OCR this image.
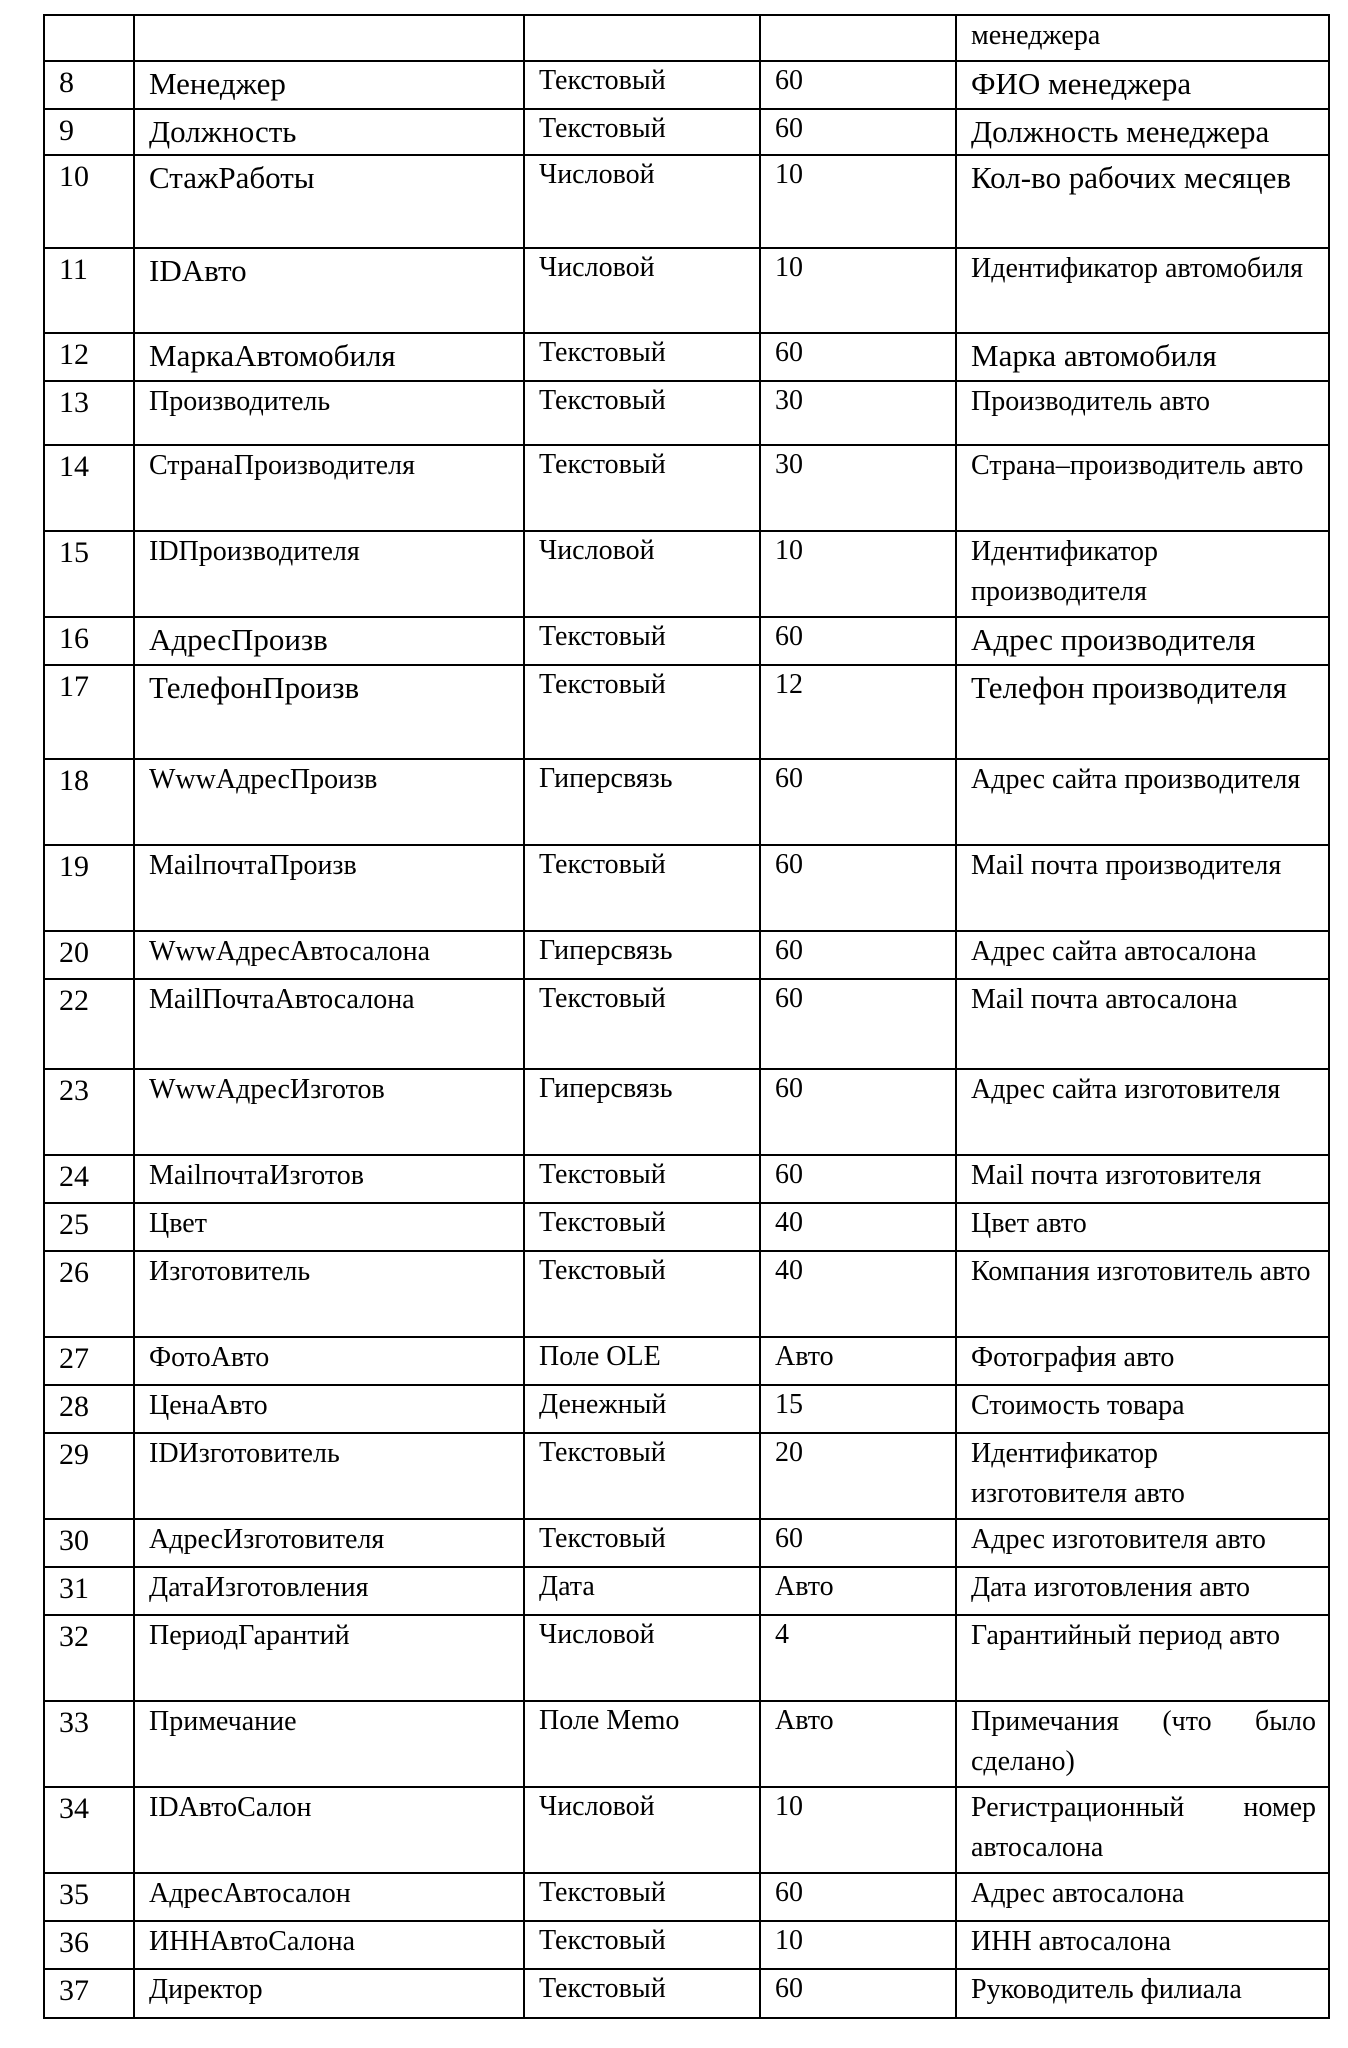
				менеджера
8	Менеджер	Текстовый	60	ФИО менеджера
9	Должность	Текстовый	60	Должность менеджера
10	СтажРаботы	Числовой	10	Кол-во рабочих месяцев
11	IDАвто	Числовой	10	Идентификатор автомобиля
12	МаркаАвтомобиля	Текстовый	60	Марка автомобиля
13	Производитель	Текстовый	30	Производитель авто
14	СтранаПроизводителя	Текстовый	30	Страна–производитель авто
15	IDПроизводителя	Числовой	10	Идентификатор производителя
16	АдресПроизв	Текстовый	60	Адрес производителя
17	ТелефонПроизв	Текстовый	12	Телефон производителя
18	WwwАдресПроизв	Гиперсвязь	60	Адрес сайта производителя
19	MailпочтаПроизв	Текстовый	60	Mail почта производителя
20	WwwАдресАвтосалона	Гиперсвязь	60	Адрес сайта автосалона
22	MailПочтаАвтосалона	Текстовый	60	Mail почта автосалона
23	WwwАдресИзготов	Гиперсвязь	60	Адрес сайта изготовителя
24	MailпочтаИзготов	Текстовый	60	Mail почта изготовителя
25	Цвет	Текстовый	40	Цвет авто
26	Изготовитель	Текстовый	40	Компания изготовитель авто
27	ФотоАвто	Поле OLE	Авто	Фотография авто
28	ЦенаАвто	Денежный	15	Стоимость товара
29	IDИзготовитель	Текстовый	20	Идентификатор изготовителя авто
30	АдресИзготовителя	Текстовый	60	Адрес изготовителя авто
31	ДатаИзготовления	Дата	Авто	Дата изготовления авто
32	ПериодГарантий	Числовой	4	Гарантийный период авто
33	Примечание	Поле Memo	Авто	Примечания (что было сделано)
34	IDАвтоСалон	Числовой	10	Регистрационный номер автосалона
35	АдресАвтосалон	Текстовый	60	Адрес автосалона
36	ИННАвтоСалона	Текстовый	10	ИНН автосалона
37	Директор	Текстовый	60	Руководитель филиала
